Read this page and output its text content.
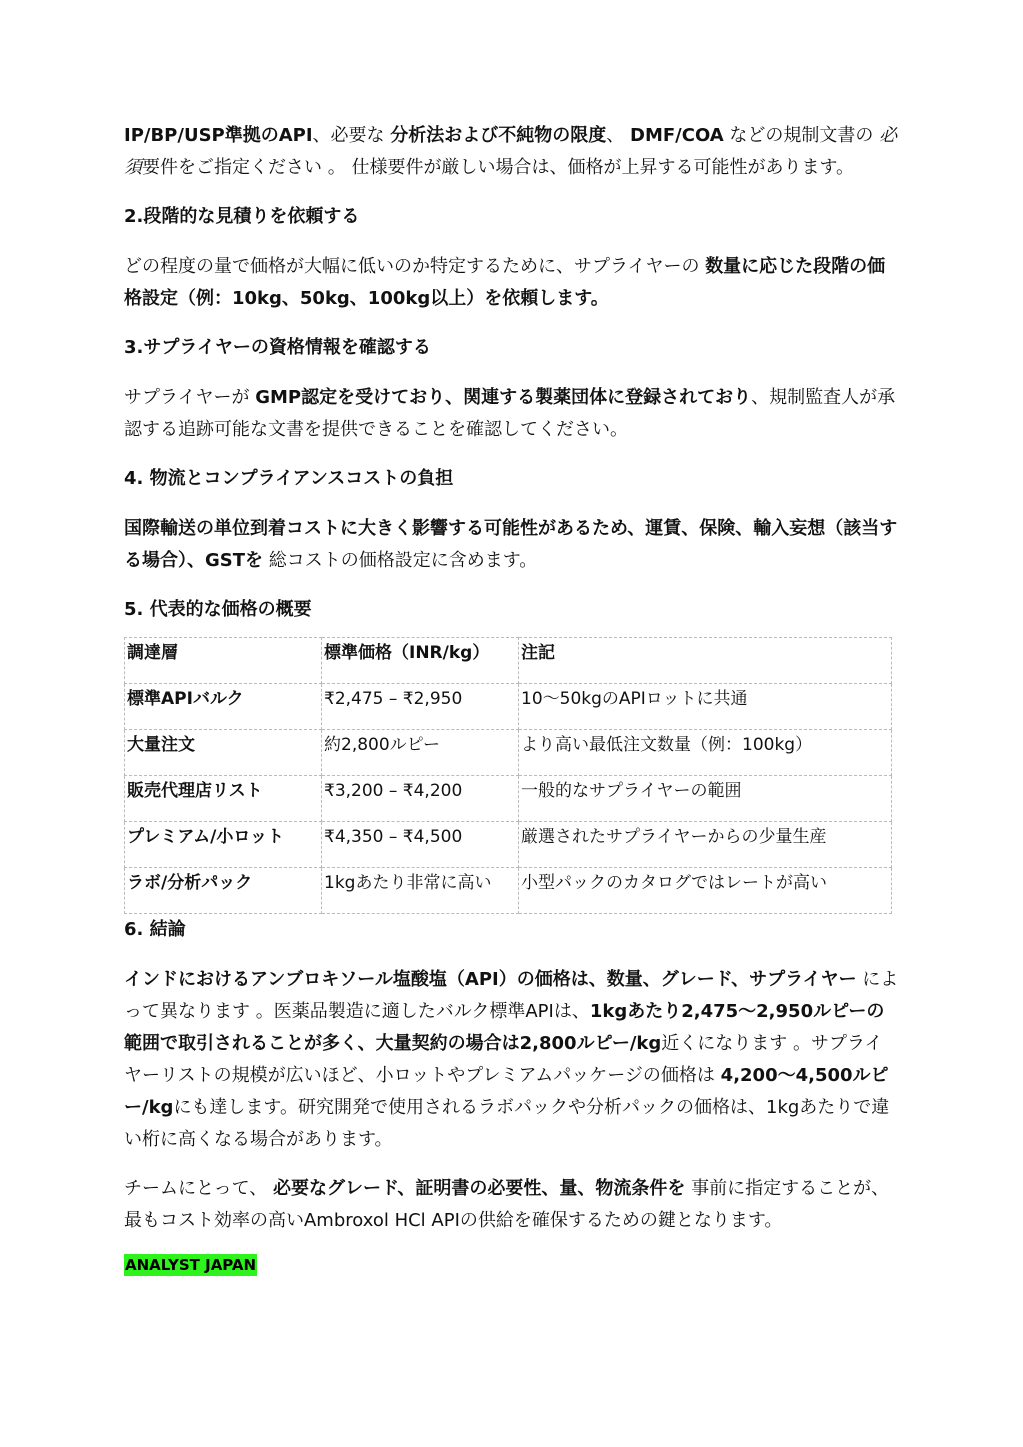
IP/BP/USP準拠のAPI、必要な 分析法および不純物の限度、 DMF/COA などの規制文書の 必須要件をご指定ください 。 仕様要件が厳しい場合は、価格が上昇する可能性があります。

2.段階的な見積りを依頼する

どの程度の量で価格が大幅に低いのか特定するために、サプライヤーの 数量に応じた段階の価格設定（例：10kg、50kg、100kg以上）を依頼します。

3.サプライヤーの資格情報を確認する

サプライヤーが GMP認定を受けており、関連する製薬団体に登録されており、規制監査人が承認する追跡可能な文書を提供できることを確認してください。

4. 物流とコンプライアンスコストの負担

国際輸送の単位到着コストに大きく影響する可能性があるため、運賃、保険、輸入妄想（該当する場合）、GSTを 総コストの価格設定に含めます。

5. 代表的な価格の概要
調達層	標準価格（INR/kg）	注記
標準APIバルク	₹2,475 – ₹2,950	10〜50kgのAPIロットに共通
大量注文	約2,800ルピー	より高い最低注文数量（例：100kg）
販売代理店リスト	₹3,200 – ₹4,200	一般的なサプライヤーの範囲
プレミアム/小ロット	₹4,350 – ₹4,500	厳選されたサプライヤーからの少量生産
ラボ/分析パック	1kgあたり非常に高い	小型パックのカタログではレートが高い
6. 結論

インドにおけるアンブロキソール塩酸塩（API）の価格は、数量、グレード、サプライヤー によって異なります 。医薬品製造に適したバルク標準APIは、1kgあたり2,475〜2,950ルピーの範囲で取引されることが多く、大量契約の場合は2,800ルピー/kg近くになります 。サプライヤーリストの規模が広いほど、小ロットやプレミアムパッケージの価格は 4,200〜4,500ルピー/kgにも達します。研究開発で使用されるラボパックや分析パックの価格は、1kgあたりで違い桁に高くなる場合があります。

チームにとって、 必要なグレード、証明書の必要性、量、物流条件を 事前に指定することが、最もコスト効率の高いAmbroxol HCl APIの供給を確保するための鍵となります。

ANALYST JAPAN
